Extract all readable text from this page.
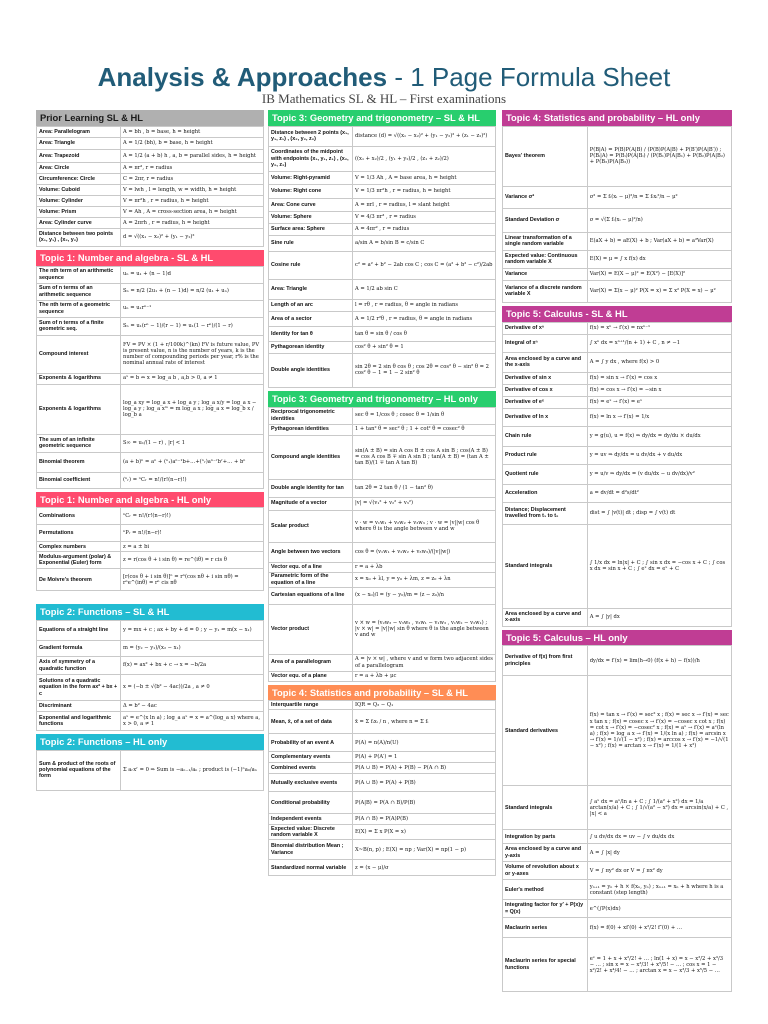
Analysis & Approaches - 1 Page Formula Sheet
IB Mathematics SL & HL – First examinations
Prior Learning SL & HL
Area: Parallelogram	A = bh , b = base, h = height
Area: Triangle	A = 1/2 (bh), b = base, h = height
Area: Trapezoid	A = 1/2 (a + b) h , a, b = parallel sides, h = height
Area: Circle	A = πr², r = radius
Circumference: Circle	C = 2πr, r = radius
Volume: Cuboid	V = lwh , l = length, w = width, h = height
Volume: Cylinder	V = πr²h , r = radius, h = height
Volume: Prism	V = Ah , A = cross-section area, h = height
Area: Cylinder curve	A = 2πrh , r = radius, h = height
Distance between two points (x₁, y₁) , (x₂, y₂)	d = √((x₁ − x₂)² + (y₁ − y₂)²
Topic 1: Number and algebra - SL & HL
The nth term of an arithmetic sequence	uₙ = u₁ + (n − 1)d
Sum of n terms of an arithmetic sequence	Sₙ = n/2 (2u₁ + (n − 1)d) = n/2 (u₁ + uₙ)
The nth term of a geometric sequence	uₙ = u₁rⁿ⁻¹
Sum of n terms of a finite geometric seq.	Sₙ = u₁(rⁿ − 1)/(r − 1) = u₁(1 − rⁿ)/(1 − r)
Compound interest	FV = PV × (1 + r/100k)^(kn) FV is future value, PV is present value, n is the number of years, k is the number of compounding periods per year, r% is the nominal annual rate of interest
Exponents & logarithms	aˣ = b ⇔ x = log_a b , a,b > 0, a ≠ 1
Exponents & logarithms	log_a xy = log_a x + log_a y ; log_a x/y = log_a x − log_a y ; log_a xᵐ = m log_a x ; log_a x = log_b x / log_b a
The sum of an infinite geometric sequence	S∞ = u₁/(1 − r) , |r| < 1
Binomial theorem	(a + b)ⁿ = aⁿ + (ⁿ₁)aⁿ⁻¹b+…+(ⁿᵣ)aⁿ⁻ʳbʳ+… + bⁿ
Binomial coefficient	(ⁿᵣ) = ⁿCᵣ = n!/(r!(n−r)!)
Topic 1: Number and algebra - HL only
Combinations	ⁿCᵣ = n!/(r!(n−r)!)
Permutations	ⁿPᵣ = n!/(n−r)!
Complex numbers	z = a ± bi
Modulus-argument (polar) & Exponential (Euler) form	z = r(cos θ + i sin θ) = re^(iθ) = r cis θ
De Moivre's theorem	[r(cos θ + i sin θ)]ⁿ = rⁿ(cos nθ + i sin nθ) = rⁿe^(inθ) = rⁿ cis nθ
Topic 2: Functions – SL & HL
Equations of a straight line	y = mx + c ; ax + by + d = 0 ; y − y₁ = m(x − x₁)
Gradient formula	m = (y₂ − y₁)/(x₂ − x₁)
Axis of symmetry of a quadratic function	f(x) = ax² + bx + c → x = −b/2a
Solutions of a quadratic equation in the form ax² + bx + c	x = (−b ± √(b² − 4ac))/2a , a ≠ 0
Discriminant	Δ = b² − 4ac
Exponential and logarithmic functions	aˣ = e^(x ln a) ; log_a aˣ = x = a^(log_a x) where a, x > 0, a ≠ 1
Topic 2: Functions – HL only
Sum & product of the roots of polynomial equations of the form	Σ aᵣxʳ = 0 ⇒ Sum is −aₙ₋₁/aₙ ; product is (−1)ⁿa₀/aₙ
Topic 3: Geometry and trigonometry – SL & HL
Distance between 2 points (x₁, y₁, z₁) , (x₂, y₂, z₂)	distance (d) = √((x₁ − x₂)² + (y₁ − y₂)² + (z₁ − z₂)²)
Coordinates of the midpoint with endpoints (x₁, y₁, z₁) , (x₂, y₂, z₂)	((x₁ + x₂)/2 , (y₁ + y₂)/2 , (z₁ + z₂)/2)
Volume: Right-pyramid	V = 1/3 Ah , A = base area, h = height
Volume: Right cone	V = 1/3 πr²h , r = radius, h = height
Area: Cone curve	A = πrl , r = radius, l = slant height
Volume: Sphere	V = 4/3 πr³ , r = radius
Surface area: Sphere	A = 4πr² , r = radius
Sine rule	a/sin A = b/sin B = c/sin C
Cosine rule	c² = a² + b² − 2ab cos C ; cos C = (a² + b² − c²)/2ab
Area: Triangle	A = 1/2 ab sin C
Length of an arc	l = rθ , r = radius, θ = angle in radians
Area of a sector	A = 1/2 r²θ , r = radius, θ = angle in radians
Identity for tan θ	tan θ = sin θ / cos θ
Pythagorean identity	cos² θ + sin² θ = 1
Double angle identities	sin 2θ = 2 sin θ cos θ ; cos 2θ = cos² θ − sin² θ = 2 cos² θ − 1 = 1 − 2 sin² θ
Topic 3: Geometry and trigonometry – HL only
Reciprocal trigonometric identities	sec θ = 1/cos θ ; cosec θ = 1/sin θ
Pythagorean identities	1 + tan² θ = sec² θ ; 1 + cot² θ = cosec² θ
Compound angle identities	sin(A ± B) = sin A cos B ± cos A sin B ; cos(A ± B) = cos A cos B ∓ sin A sin B ; tan(A ± B) = (tan A ± tan B)/(1 ∓ tan A tan B)
Double angle identity for tan	tan 2θ = 2 tan θ / (1 − tan² θ)
Magnitude of a vector	|v| = √(v₁² + v₂² + v₃²)
Scalar product	v · w = v₁w₁ + v₂w₂ + v₃w₃ ; v · w = |v||w| cos θ where θ is the angle between v and w
Angle between two vectors	cos θ = (v₁w₁ + v₂w₂ + v₃w₃)/(|v||w|)
Vector equ. of a line	r = a + λb
Parametric form of the equation of a line	x = x₀ + λl, y = y₀ + λm, z = z₀ + λn
Cartesian equations of a line	(x − x₀)/l = (y − y₀)/m = (z − z₀)/n
Vector product	v × w = (v₂w₃ − v₃w₂ , v₃w₁ − v₁w₃ , v₁w₂ − v₂w₁) ; |v × w| = |v||w| sin θ where θ is the angle between v and w
Area of a parallelogram	A = |v × w| , where v and w form two adjacent sides of a parallelogram
Vector equ. of a plane	r = a + λb + μc
Topic 4: Statistics and probability – SL & HL
Interquartile range	IQR = Q₃ − Q₁
Mean, x̄, of a set of data	x̄ = Σ fᵢxᵢ / n , where n = Σ fᵢ
Probability of an event A	P(A) = n(A)/n(U)
Complementary events	P(A) + P(A′) = 1
Combined events	P(A ∪ B) = P(A) + P(B) − P(A ∩ B)
Mutually exclusive events	P(A ∪ B) = P(A) + P(B)
Conditional probability	P(A|B) = P(A ∩ B)/P(B)
Independent events	P(A ∩ B) = P(A)P(B)
Expected value: Discrete random variable X	E(X) = Σ x P(X = x)
Binomial distribution Mean ; Variance	X~B(n, p) ; E(X) = np ; Var(X) = np(1 − p)
Standardized normal variable	z = (x − μ)/σ
Topic 4: Statistics and probability – HL only
Bayes' theorem	P(B|A) = P(B)P(A|B) / (P(B)P(A|B) + P(B′)P(A|B′)) ; P(Bᵢ|A) = P(Bᵢ)P(A|Bᵢ) / (P(B₁)P(A|B₁) + P(B₂)P(A|B₂) + P(B₃)P(A|B₃))
Variance σ²	σ² = Σ fᵢ(xᵢ − μ)²/n = Σ fᵢxᵢ²/n − μ²
Standard Deviation σ	σ = √(Σ fᵢ(xᵢ − μ)²/n)
Linear transformation of a single random variable	E(aX + b) = aE(X) + b ; Var(aX + b) = a²Var(X)
Expected value: Continuous random variable X	E(X) = μ = ∫ x f(x) dx
Variance	Var(X) = E(X − μ)² = E(X²) − [E(X)]²
Variance of a discrete random variable X	Var(X) = Σ(x − μ)² P(X = x) = Σ x² P(X = x) − μ²
Topic 5: Calculus - SL & HL
Derivative of xⁿ	f(x) = xⁿ → f′(x) = nxⁿ⁻¹
Integral of xⁿ	∫ xⁿ dx = xⁿ⁺¹/(n + 1) + C , n ≠ −1
Area enclosed by a curve and the x-axis	A = ∫ y dx , where f(x) > 0
Derivative of sin x	f(x) = sin x → f′(x) = cos x
Derivative of cos x	f(x) = cos x → f′(x) = −sin x
Derivative of eˣ	f(x) = eˣ → f′(x) = eˣ
Derivative of ln x	f(x) = ln x → f′(x) = 1/x
Chain rule	y = g(u), u = f(x) ⇒ dy/dx = dy/du × du/dx
Product rule	y = uv ⇒ dy/dx = u dv/dx + v du/dx
Quotient rule	y = u/v ⇒ dy/dx = (v du/dx − u dv/dx)/v²
Acceleration	a = dv/dt = d²s/dt²
Distance; Displacement travelled from t₁ to t₂	dist = ∫ |v(t)| dt ; disp = ∫ v(t) dt
Standard integrals	∫ 1/x dx = ln|x| + C ; ∫ sin x dx = −cos x + C ; ∫ cos x dx = sin x + C ; ∫ eˣ dx = eˣ + C
Area enclosed by a curve and x-axis	A = ∫ |y| dx
Topic 5: Calculus – HL only
Derivative of f(x) from first principles	dy/dx = f′(x) = lim(h→0) (f(x + h) − f(x))/h
Standard derivatives	f(x) = tan x → f′(x) = sec² x ; f(x) = sec x → f′(x) = sec x tan x ; f(x) = cosec x → f′(x) = −cosec x cot x ; f(x) = cot x → f′(x) = −cosec² x ; f(x) = aˣ → f′(x) = aˣ(ln a) ; f(x) = log_a x → f′(x) = 1/(x ln a) ; f(x) = arcsin x → f′(x) = 1/√(1 − x²) ; f(x) = arccos x → f′(x) = −1/√(1 − x²) ; f(x) = arctan x → f′(x) = 1/(1 + x²)
Standard integrals	∫ aˣ dx = aˣ/ln a + C ; ∫ 1/(a² + x²) dx = 1/a arctan(x/a) + C ; ∫ 1/√(a² − x²) dx = arcsin(x/a) + C , |x| < a
Integration by parts	∫ u dv/dx dx = uv − ∫ v du/dx dx
Area enclosed by a curve and y-axis	A = ∫ |x| dy
Volume of revolution about x or y-axes	V = ∫ πy² dx or V = ∫ πx² dy
Euler's method	yₙ₊₁ = yₙ + h × f(xₙ, yₙ) ; xₙ₊₁ = xₙ + h where h is a constant (step length)
Integrating factor for y′ + P(x)y = Q(x)	e^(∫P(x)dx)
Maclaurin series	f(x) = f(0) + xf′(0) + x²/2! f″(0) + …
Maclaurin series for special functions	eˣ = 1 + x + x²/2! + … ; ln(1 + x) = x − x²/2 + x³/3 − … ; sin x = x − x³/3! + x⁵/5! − … ; cos x = 1 − x²/2! + x⁴/4! − … ; arctan x = x − x³/3 + x⁵/5 − …
